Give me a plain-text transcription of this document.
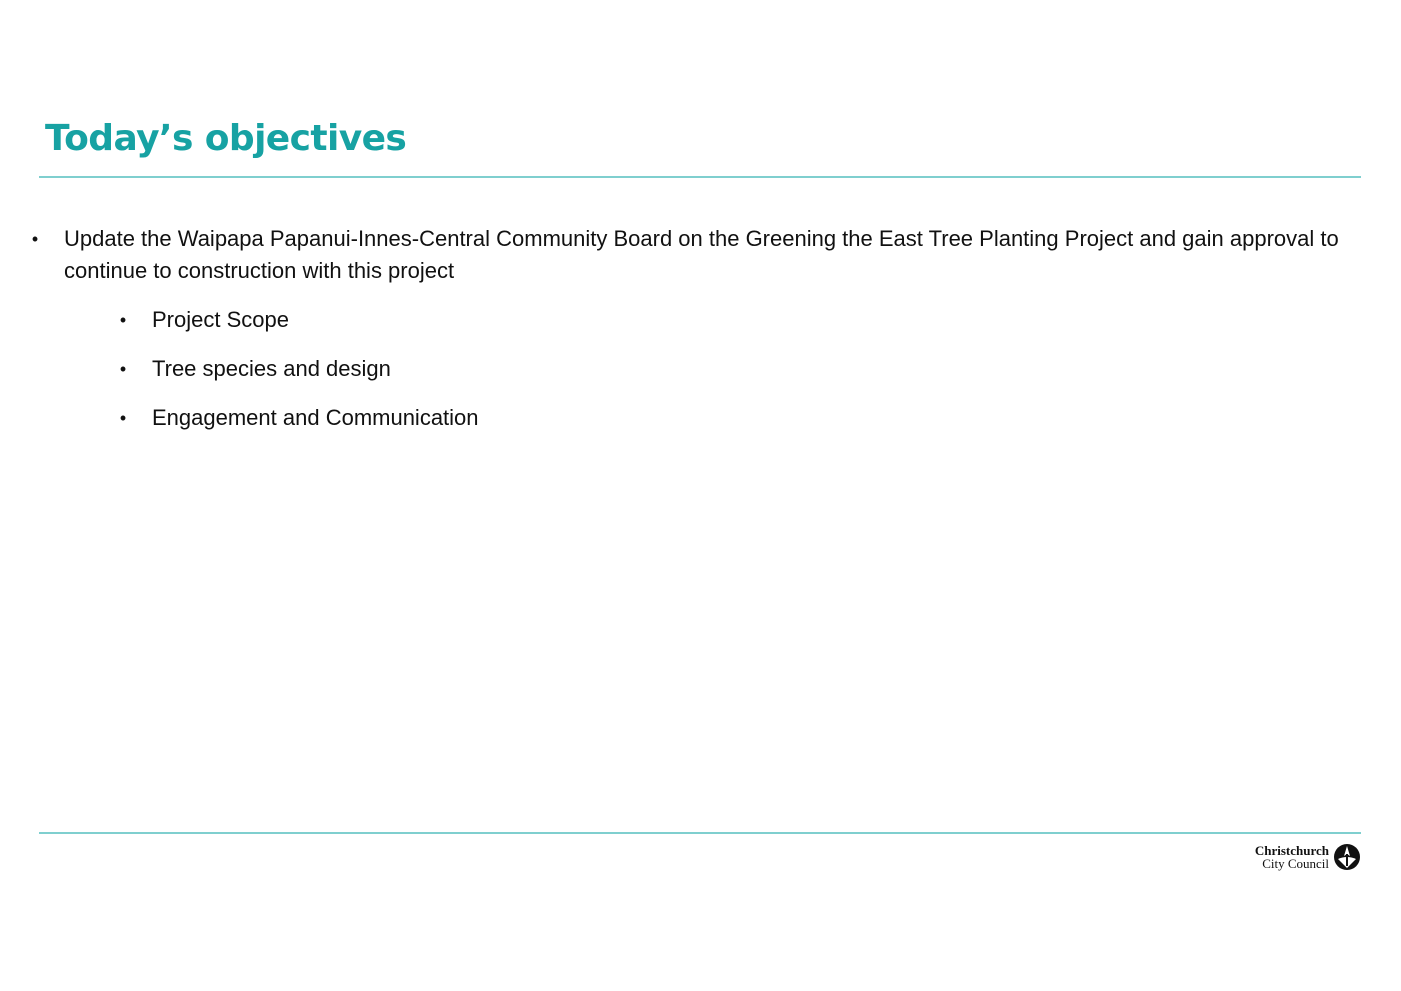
Today’s objectives
• Update the Waipapa Papanui-Innes-Central Community Board on the Greening the East Tree Planting Project and gain approval to continue to construction with this project
• Project Scope
• Tree species and design
• Engagement and Communication
Christchurch
City Council
